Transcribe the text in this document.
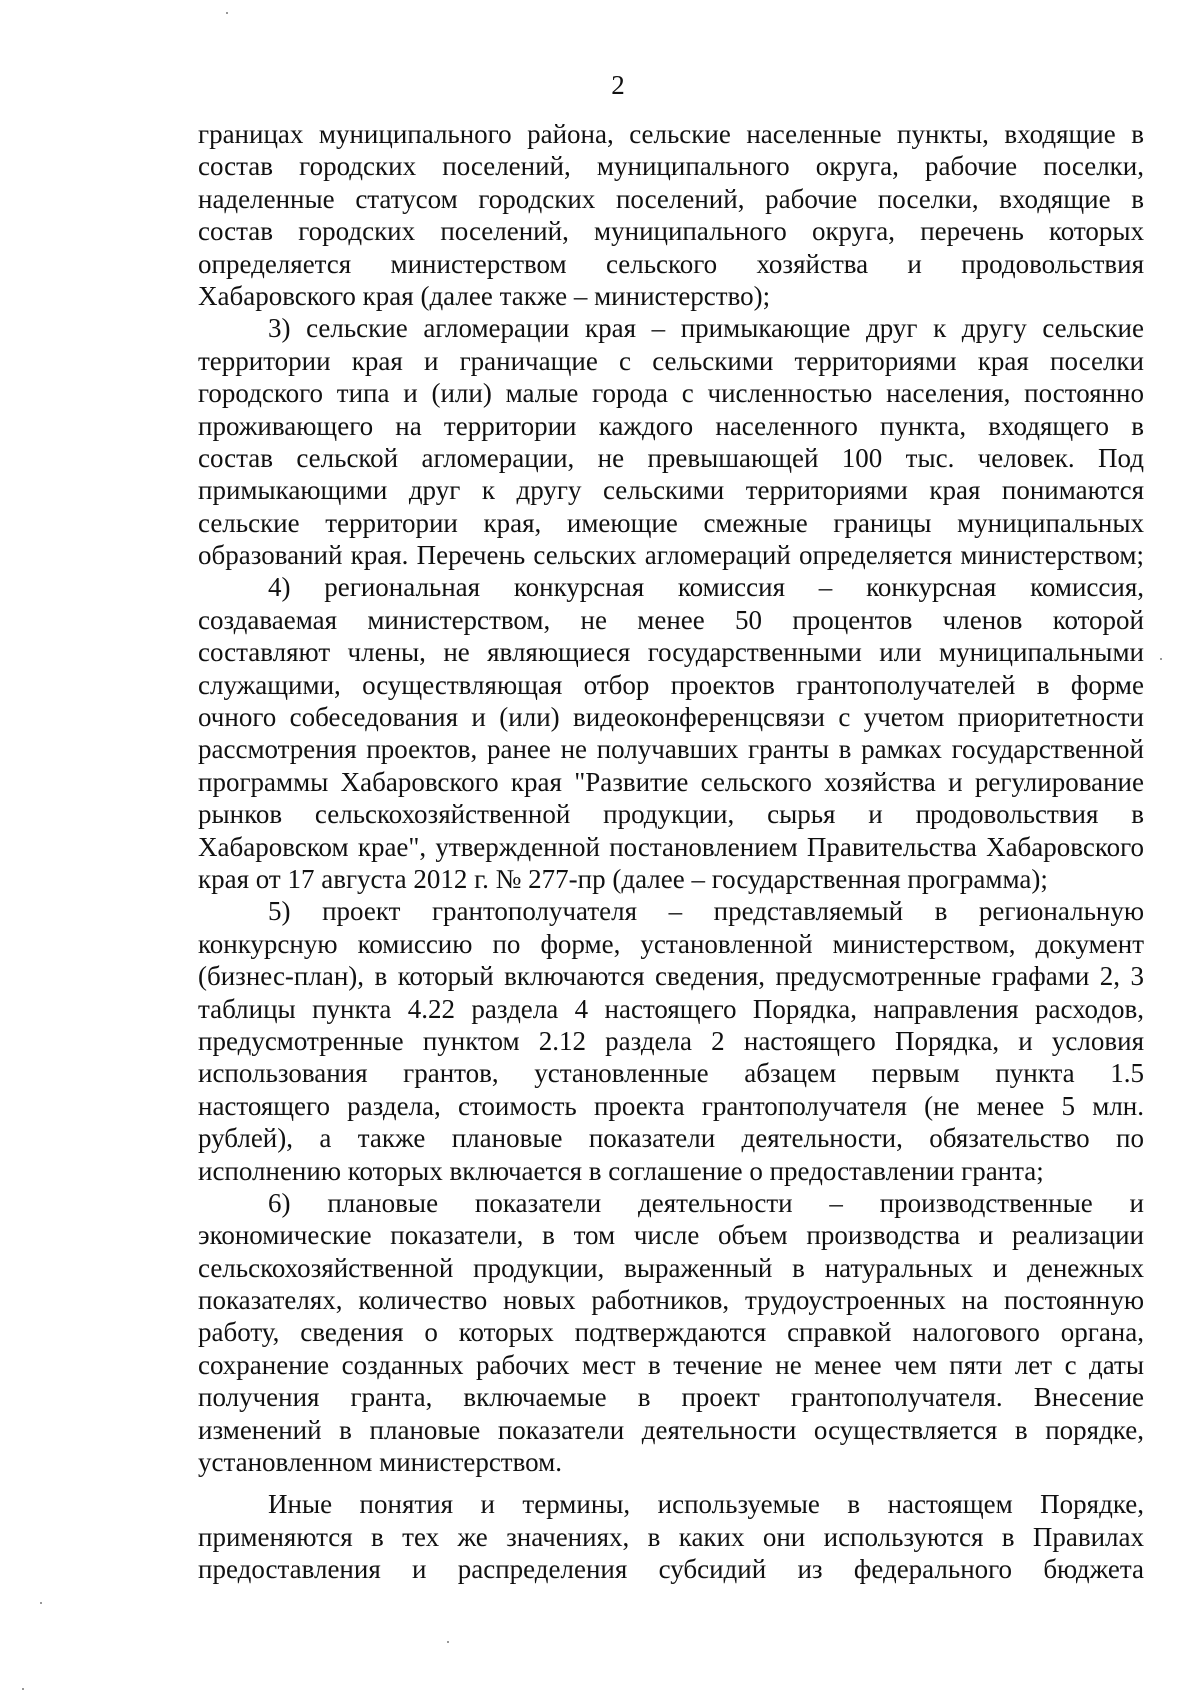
2
границах муниципального района, сельские населенные пункты, входящие в
состав городских поселений, муниципального округа, рабочие поселки,
наделенные статусом городских поселений, рабочие поселки, входящие в
состав городских поселений, муниципального округа, перечень которых
определяется министерством сельского хозяйства и продовольствия
Хабаровского края (далее также – министерство);
3) сельские агломерации края – примыкающие друг к другу сельские
территории края и граничащие с сельскими территориями края поселки
городского типа и (или) малые города с численностью населения, постоянно
проживающего на территории каждого населенного пункта, входящего в
состав сельской агломерации, не превышающей 100 тыс. человек. Под
примыкающими друг к другу сельскими территориями края понимаются
сельские территории края, имеющие смежные границы муниципальных
образований края. Перечень сельских агломераций определяется министерством;
4) региональная конкурсная комиссия – конкурсная комиссия,
создаваемая министерством, не менее 50 процентов членов которой
составляют члены, не являющиеся государственными или муниципальными
служащими, осуществляющая отбор проектов грантополучателей в форме
очного собеседования и (или) видеоконференцсвязи с учетом приоритетности
рассмотрения проектов, ранее не получавших гранты в рамках государственной
программы Хабаровского края "Развитие сельского хозяйства и регулирование
рынков сельскохозяйственной продукции, сырья и продовольствия в
Хабаровском крае", утвержденной постановлением Правительства Хабаровского
края от 17 августа 2012 г. № 277-пр (далее – государственная программа);
5) проект грантополучателя – представляемый в региональную
конкурсную комиссию по форме, установленной министерством, документ
(бизнес-план), в который включаются сведения, предусмотренные графами 2, 3
таблицы пункта 4.22 раздела 4 настоящего Порядка, направления расходов,
предусмотренные пунктом 2.12 раздела 2 настоящего Порядка, и условия
использования грантов, установленные абзацем первым пункта 1.5
настоящего раздела, стоимость проекта грантополучателя (не менее 5 млн.
рублей), а также плановые показатели деятельности, обязательство по
исполнению которых включается в соглашение о предоставлении гранта;
6) плановые показатели деятельности – производственные и
экономические показатели, в том числе объем производства и реализации
сельскохозяйственной продукции, выраженный в натуральных и денежных
показателях, количество новых работников, трудоустроенных на постоянную
работу, сведения о которых подтверждаются справкой налогового органа,
сохранение созданных рабочих мест в течение не менее чем пяти лет с даты
получения гранта, включаемые в проект грантополучателя. Внесение
изменений в плановые показатели деятельности осуществляется в порядке,
установленном министерством.
Иные понятия и термины, используемые в настоящем Порядке,
применяются в тех же значениях, в каких они используются в Правилах
предоставления и распределения субсидий из федерального бюджета
